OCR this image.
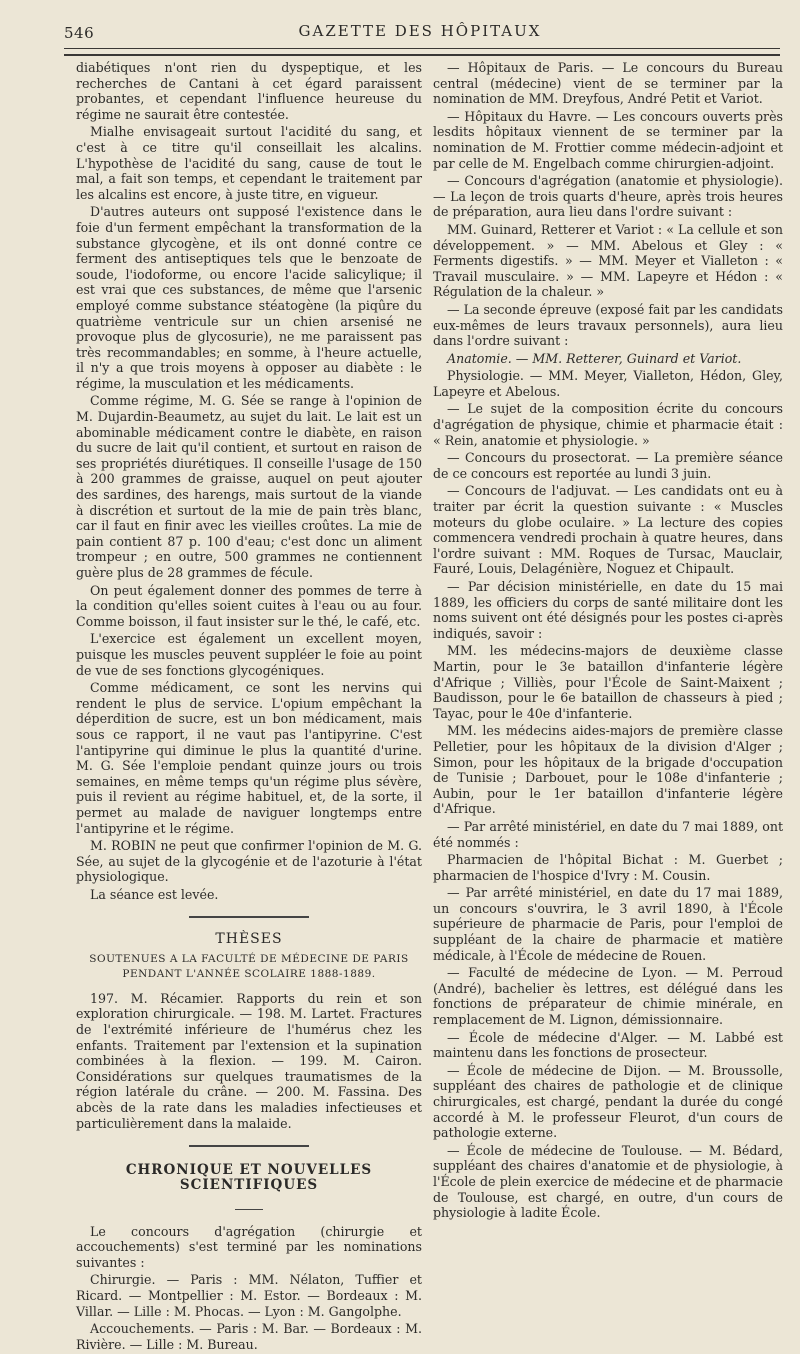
546	GAZETTE DES HÔPITAUX

diabétiques n'ont rien du dyspeptique, et les recherches de Cantani à cet égard paraissent probantes, et cependant l'influence heureuse du régime ne saurait être contestée.

Mialhe envisageait surtout l'acidité du sang, et c'est à ce titre qu'il conseillait les alcalins. L'hypothèse de l'acidité du sang, cause de tout le mal, a fait son temps, et cependant le traitement par les alcalins est encore, à juste titre, en vigueur.

D'autres auteurs ont supposé l'existence dans le foie d'un ferment empêchant la transformation de la substance glycogène, et ils ont donné contre ce ferment des antiseptiques tels que le benzoate de soude, l'iodoforme, ou encore l'acide salicylique; il est vrai que ces substances, de même que l'arsenic employé comme substance stéatogène (la piqûre du quatrième ventricule sur un chien arsenisé ne provoque plus de glycosurie), ne me paraissent pas très recommandables; en somme, à l'heure actuelle, il n'y a que trois moyens à opposer au diabète : le régime, la musculation et les médicaments.

Comme régime, M. G. Sée se range à l'opinion de M. Dujardin-Beaumetz, au sujet du lait. Le lait est un abominable médicament contre le diabète, en raison du sucre de lait qu'il contient, et surtout en raison de ses propriétés diurétiques. Il conseille l'usage de 150 à 200 grammes de graisse, auquel on peut ajouter des sardines, des harengs, mais surtout de la viande à discrétion et surtout de la mie de pain très blanc, car il faut en finir avec les vieilles croûtes. La mie de pain contient 87 p. 100 d'eau; c'est donc un aliment trompeur ; en outre, 500 grammes ne contiennent guère plus de 28 grammes de fécule.

On peut également donner des pommes de terre à la condition qu'elles soient cuites à l'eau ou au four. Comme boisson, il faut insister sur le thé, le café, etc.

L'exercice est également un excellent moyen, puisque les muscles peuvent suppléer le foie au point de vue de ses fonctions glycogéniques.

Comme médicament, ce sont les nervins qui rendent le plus de service. L'opium empêchant la déperdition de sucre, est un bon médicament, mais sous ce rapport, il ne vaut pas l'antipyrine. C'est l'antipyrine qui diminue le plus la quantité d'urine. M. G. Sée l'emploie pendant quinze jours ou trois semaines, en même temps qu'un régime plus sévère, puis il revient au régime habituel, et, de la sorte, il permet au malade de naviguer longtemps entre l'antipyrine et le régime.

M. ROBIN ne peut que confirmer l'opinion de M. G. Sée, au sujet de la glycogénie et de l'azoturie à l'état physiologique.

La séance est levée.

THÈSES
SOUTENUES A LA FACULTÉ DE MÉDECINE DE PARIS
PENDANT L'ANNÉE SCOLAIRE 1888-1889.

197. M. Récamier. Rapports du rein et son exploration chirurgicale. — 198. M. Lartet. Fractures de l'extrémité inférieure de l'humérus chez les enfants. Traitement par l'extension et la supination combinées à la flexion. — 199. M. Cairon. Considérations sur quelques traumatismes de la région latérale du crâne. — 200. M. Fassina. Des abcès de la rate dans les maladies infectieuses et particulièrement dans la malaide.

CHRONIQUE ET NOUVELLES SCIENTIFIQUES

Le concours d'agrégation (chirurgie et accouchements) s'est terminé par les nominations suivantes :

Chirurgie. — Paris : MM. Nélaton, Tuffier et Ricard. — Montpellier : M. Estor. — Bordeaux : M. Villar. — Lille : M. Phocas. — Lyon : M. Gangolphe.

Accouchements. — Paris : M. Bar. — Bordeaux : M. Rivière. — Lille : M. Bureau.

— Hôpitaux de Paris. — Le concours du Bureau central (médecine) vient de se terminer par la nomination de MM. Dreyfous, André Petit et Variot.

— Hôpitaux du Havre. — Les concours ouverts près lesdits hôpitaux viennent de se terminer par la nomination de M. Frottier comme médecin-adjoint et par celle de M. Engelbach comme chirurgien-adjoint.

— Concours d'agrégation (anatomie et physiologie). — La leçon de trois quarts d'heure, après trois heures de préparation, aura lieu dans l'ordre suivant :

MM. Guinard, Retterer et Variot : « La cellule et son développement. » — MM. Abelous et Gley : « Ferments digestifs. » — MM. Meyer et Vialleton : « Travail musculaire. » — MM. Lapeyre et Hédon : « Régulation de la chaleur. »

— La seconde épreuve (exposé fait par les candidats eux-mêmes de leurs travaux personnels), aura lieu dans l'ordre suivant :

Anatomie. — MM. Retterer, Guinard et Variot.

Physiologie. — MM. Meyer, Vialleton, Hédon, Gley, Lapeyre et Abelous.

— Le sujet de la composition écrite du concours d'agrégation de physique, chimie et pharmacie était : « Rein, anatomie et physiologie. »

— Concours du prosectorat. — La première séance de ce concours est reportée au lundi 3 juin.

— Concours de l'adjuvat. — Les candidats ont eu à traiter par écrit la question suivante : « Muscles moteurs du globe oculaire. » La lecture des copies commencera vendredi prochain à quatre heures, dans l'ordre suivant : MM. Roques de Tursac, Mauclair, Fauré, Louis, Delagénière, Noguez et Chipault.

— Par décision ministérielle, en date du 15 mai 1889, les officiers du corps de santé militaire dont les noms suivent ont été désignés pour les postes ci-après indiqués, savoir :

MM. les médecins-majors de deuxième classe Martin, pour le 3e bataillon d'infanterie légère d'Afrique ; Villiès, pour l'École de Saint-Maixent ; Baudisson, pour le 6e bataillon de chasseurs à pied ; Tayac, pour le 40e d'infanterie.

MM. les médecins aides-majors de première classe Pelletier, pour les hôpitaux de la division d'Alger ; Simon, pour les hôpitaux de la brigade d'occupation de Tunisie ; Darbouet, pour le 108e d'infanterie ; Aubin, pour le 1er bataillon d'infanterie légère d'Afrique.

— Par arrêté ministériel, en date du 7 mai 1889, ont été nommés :

Pharmacien de l'hôpital Bichat : M. Guerbet ; pharmacien de l'hospice d'Ivry : M. Cousin.

— Par arrêté ministériel, en date du 17 mai 1889, un concours s'ouvrira, le 3 avril 1890, à l'École supérieure de pharmacie de Paris, pour l'emploi de suppléant de la chaire de pharmacie et matière médicale, à l'École de médecine de Rouen.

— Faculté de médecine de Lyon. — M. Perroud (André), bachelier ès lettres, est délégué dans les fonctions de préparateur de chimie minérale, en remplacement de M. Lignon, démissionnaire.

— École de médecine d'Alger. — M. Labbé est maintenu dans les fonctions de prosecteur.

— École de médecine de Dijon. — M. Broussolle, suppléant des chaires de pathologie et de clinique chirurgicales, est chargé, pendant la durée du congé accordé à M. le professeur Fleurot, d'un cours de pathologie externe.

— École de médecine de Toulouse. — M. Bédard, suppléant des chaires d'anatomie et de physiologie, à l'École de plein exercice de médecine et de pharmacie de Toulouse, est chargé, en outre, d'un cours de physiologie à ladite École.
